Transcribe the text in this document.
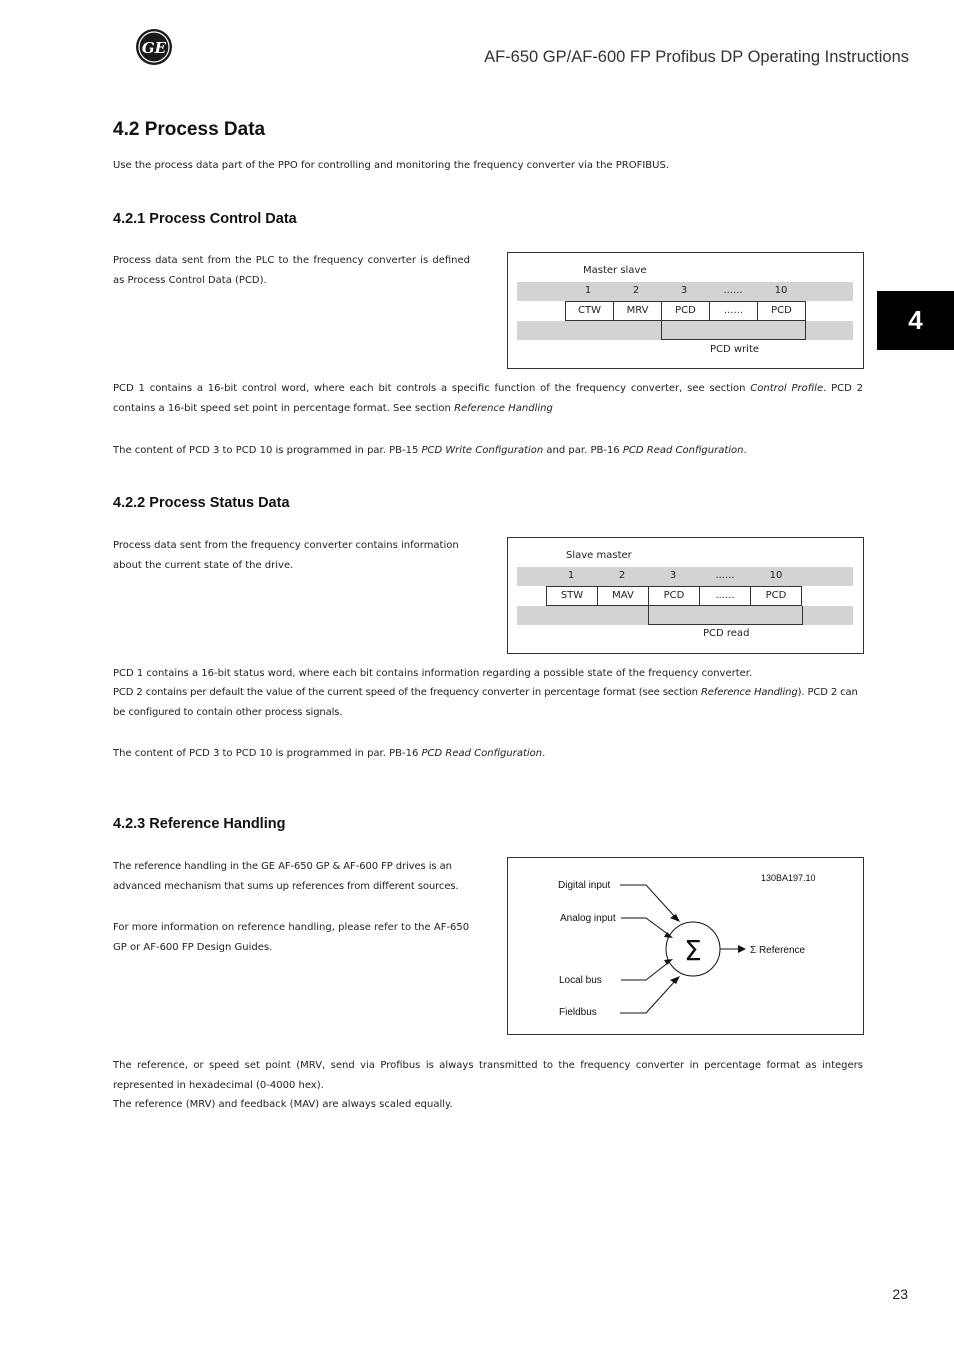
GE	AF-650 GP/AF-600 FP Profibus DP Operating Instructions
4
4.2 Process Data
Use the process data part of the PPO for controlling and monitoring the frequency converter via the PROFIBUS.
4.2.1 Process Control Data
Process data sent from the PLC to the frequency converter is defined as Process Control Data (PCD).
Master slave
1	2	3	......	10
CTW	MRV	PCD	......	PCD
PCD write
PCD 1 contains a 16-bit control word, where each bit controls a specific function of the frequency converter, see section Control Profile. PCD 2 contains a 16-bit speed set point in percentage format. See section Reference Handling
The content of PCD 3 to PCD 10 is programmed in par. PB-15 PCD Write Configuration and par. PB-16 PCD Read Configuration.
4.2.2 Process Status Data
Process data sent from the frequency converter contains information about the current state of the drive.
Slave master
1	2	3	......	10
STW	MAV	PCD	......	PCD
PCD read
PCD 1 contains a 16-bit status word, where each bit contains information regarding a possible state of the frequency converter.
PCD 2 contains per default the value of the current speed of the frequency converter in percentage format (see section Reference Handling). PCD 2 can be configured to contain other process signals.
The content of PCD 3 to PCD 10 is programmed in par. PB-16 PCD Read Configuration.
4.2.3 Reference Handling
The reference handling in the GE AF-650 GP & AF-600 FP drives is an advanced mechanism that sums up references from different sources.
For more information on reference handling, please refer to the AF-650 GP or AF-600 FP Design Guides.
130BA197.10
Digital input
Analog input
Local bus
Fieldbus
Σ	Σ Reference
The reference, or speed set point (MRV, send via Profibus is always transmitted to the frequency converter in percentage format as integers represented in hexadecimal (0-4000 hex).
The reference (MRV) and feedback (MAV) are always scaled equally.
23
